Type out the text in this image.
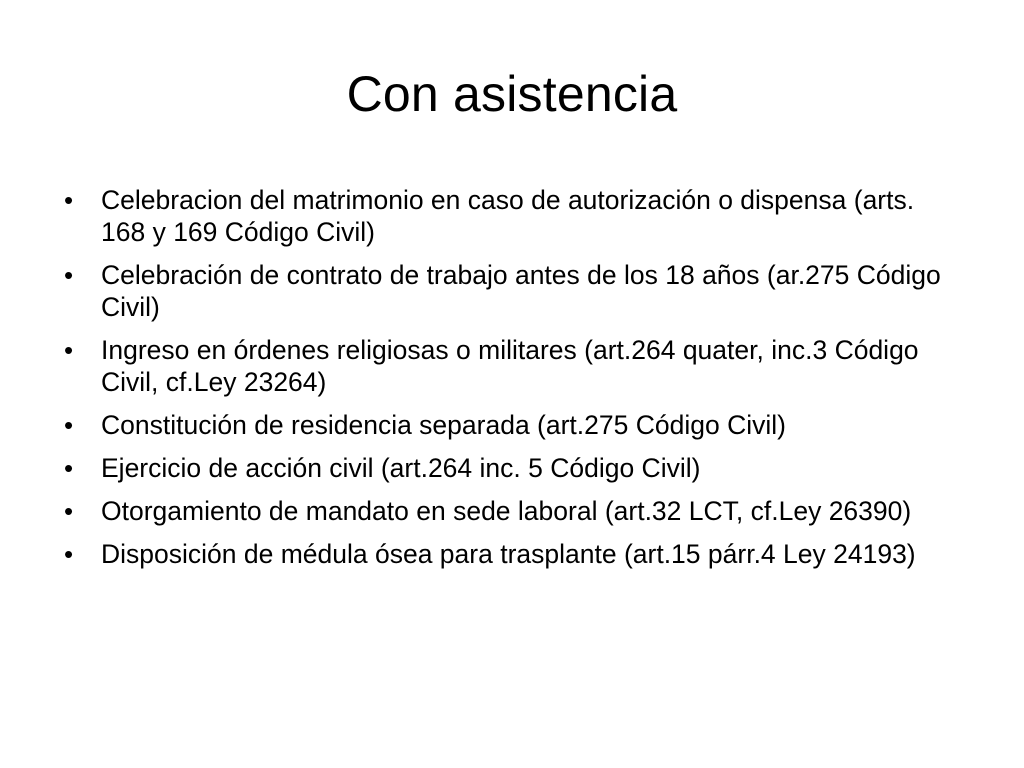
Con asistencia
•	Celebracion del matrimonio en caso de autorización o dispensa (arts. 168 y 169 Código Civil)
•	Celebración de contrato de trabajo antes de los 18 años (ar.275 Código Civil)
•	Ingreso en órdenes religiosas o militares (art.264 quater, inc.3 Código Civil, cf.Ley 23264)
•	Constitución de residencia separada (art.275 Código Civil)
•	Ejercicio de acción civil (art.264 inc. 5 Código Civil)
•	Otorgamiento de mandato en sede laboral (art.32 LCT, cf.Ley 26390)
•	Disposición de médula ósea para trasplante (art.15 párr.4 Ley 24193)
